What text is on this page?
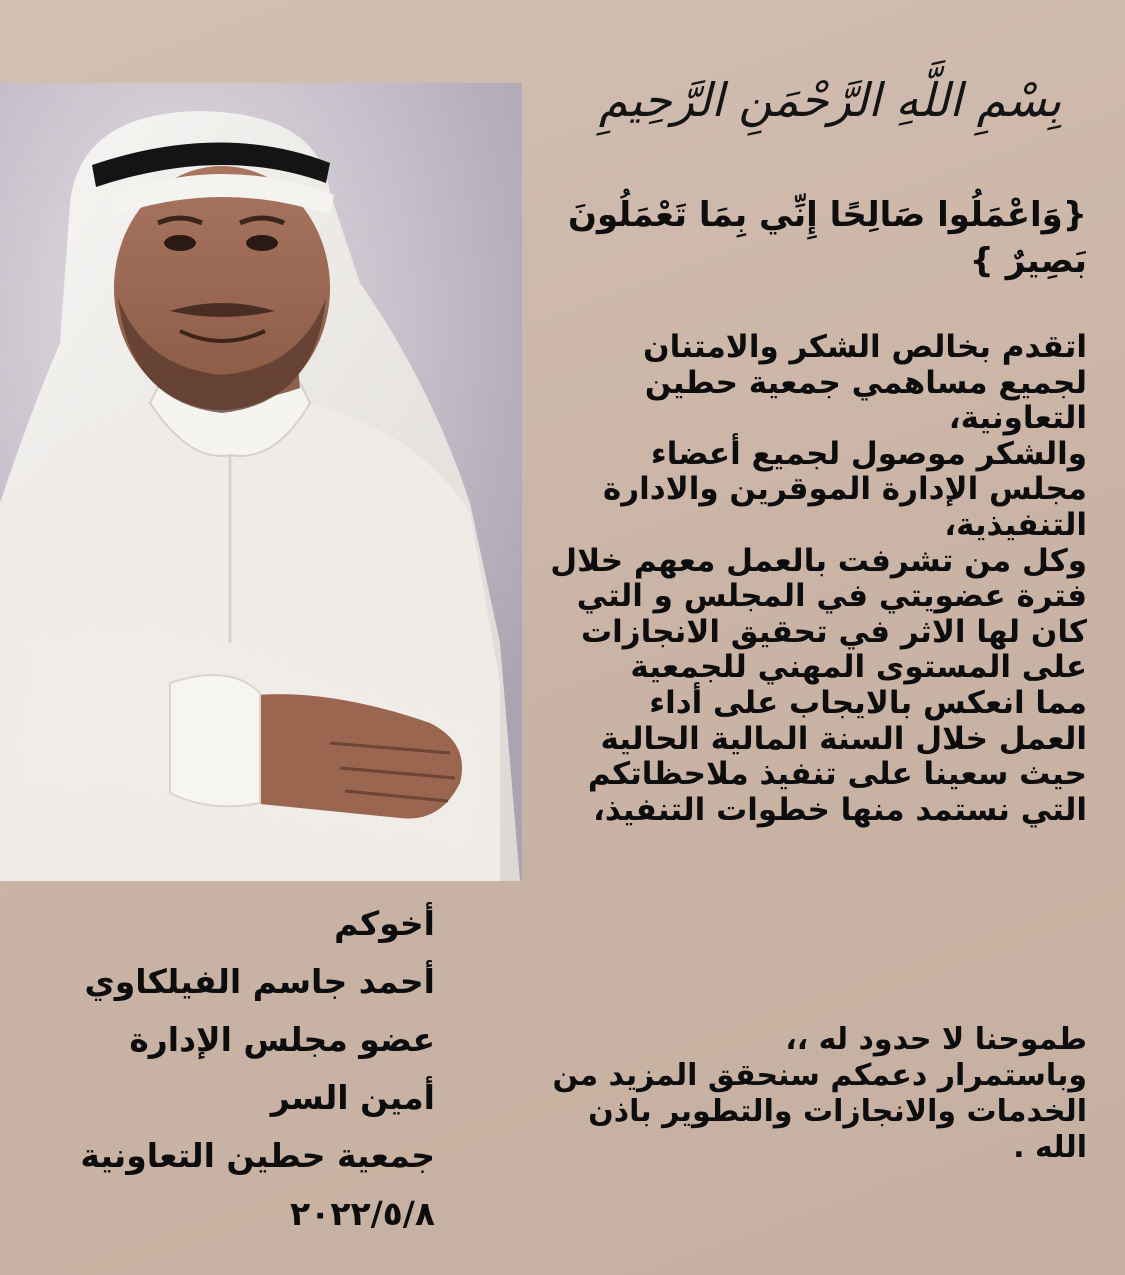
بِسْمِ اللَّهِ الرَّحْمَنِ الرَّحِيمِ
{وَاعْمَلُوا صَالِحًا إِنِّي بِمَا تَعْمَلُونَ
بَصِيرٌ }

اتقدم بخالص الشكر والامتنان

لجميع مساهمي جمعية حطين

التعاونية،

والشكر موصول لجميع أعضاء

مجلس الإدارة الموقرين والادارة

التنفيذية،

وكل من تشرفت بالعمل معهم خلال

فترة عضويتي في المجلس و التي

كان لها الاثر في تحقيق الانجازات

على المستوى المهني للجمعية

مما انعكس بالايجاب على أداء

العمل خلال السنة المالية الحالية

حيث سعينا على تنفيذ ملاحظاتكم

التي نستمد منها خطوات التنفيذ،

طموحنا لا حدود له ،،

وباستمرار دعمكم سنحقق المزيد من

الخدمات والانجازات والتطوير باذن

الله .

أخوكم

أحمد جاسم الفيلكاوي

عضو مجلس الإدارة

أمين السر

جمعية حطين التعاونية

٢٠٢٢/٥/٨
